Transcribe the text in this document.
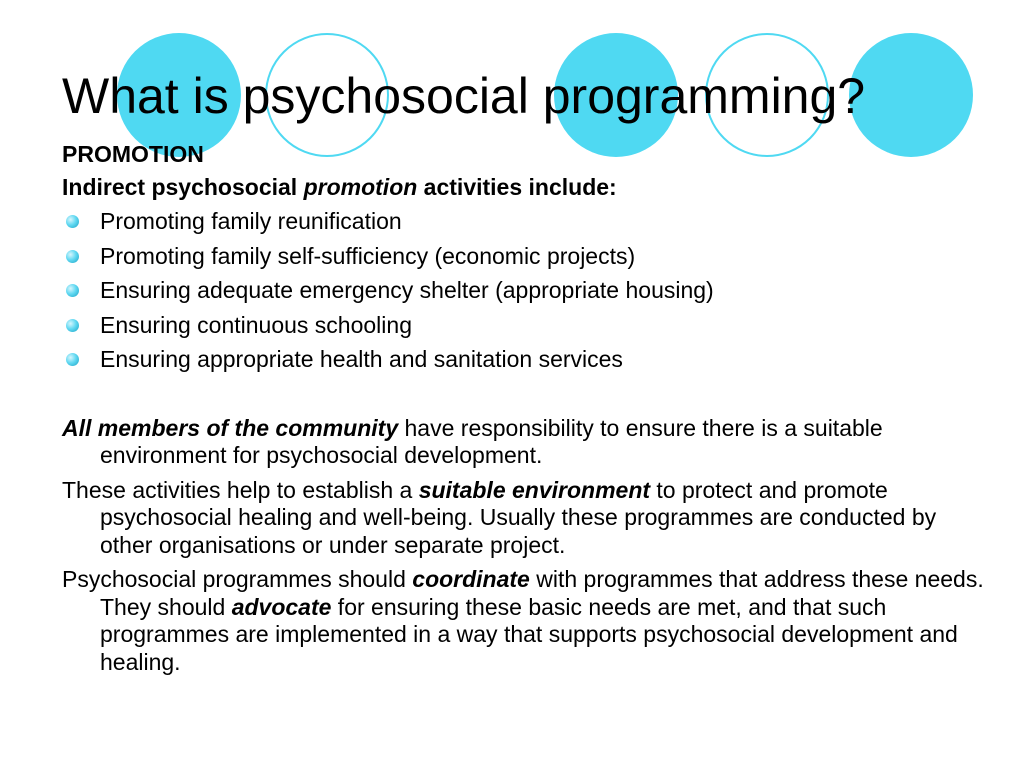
What is psychosocial programming?

PROMOTION

Indirect psychosocial promotion activities include:

Promoting family reunification
Promoting family self-sufficiency (economic projects)
Ensuring adequate emergency shelter (appropriate housing)
Ensuring continuous schooling
Ensuring appropriate health and sanitation services

All members of the community have responsibility to ensure there is a suitable environment for psychosocial development.

These activities help to establish a suitable environment to protect and promote psychosocial healing and well-being. Usually these programmes are conducted by other organisations or under separate project.

Psychosocial programmes should coordinate with programmes that address these needs. They should advocate for ensuring these basic needs are met, and that such programmes are implemented in a way that supports psychosocial development and healing.
